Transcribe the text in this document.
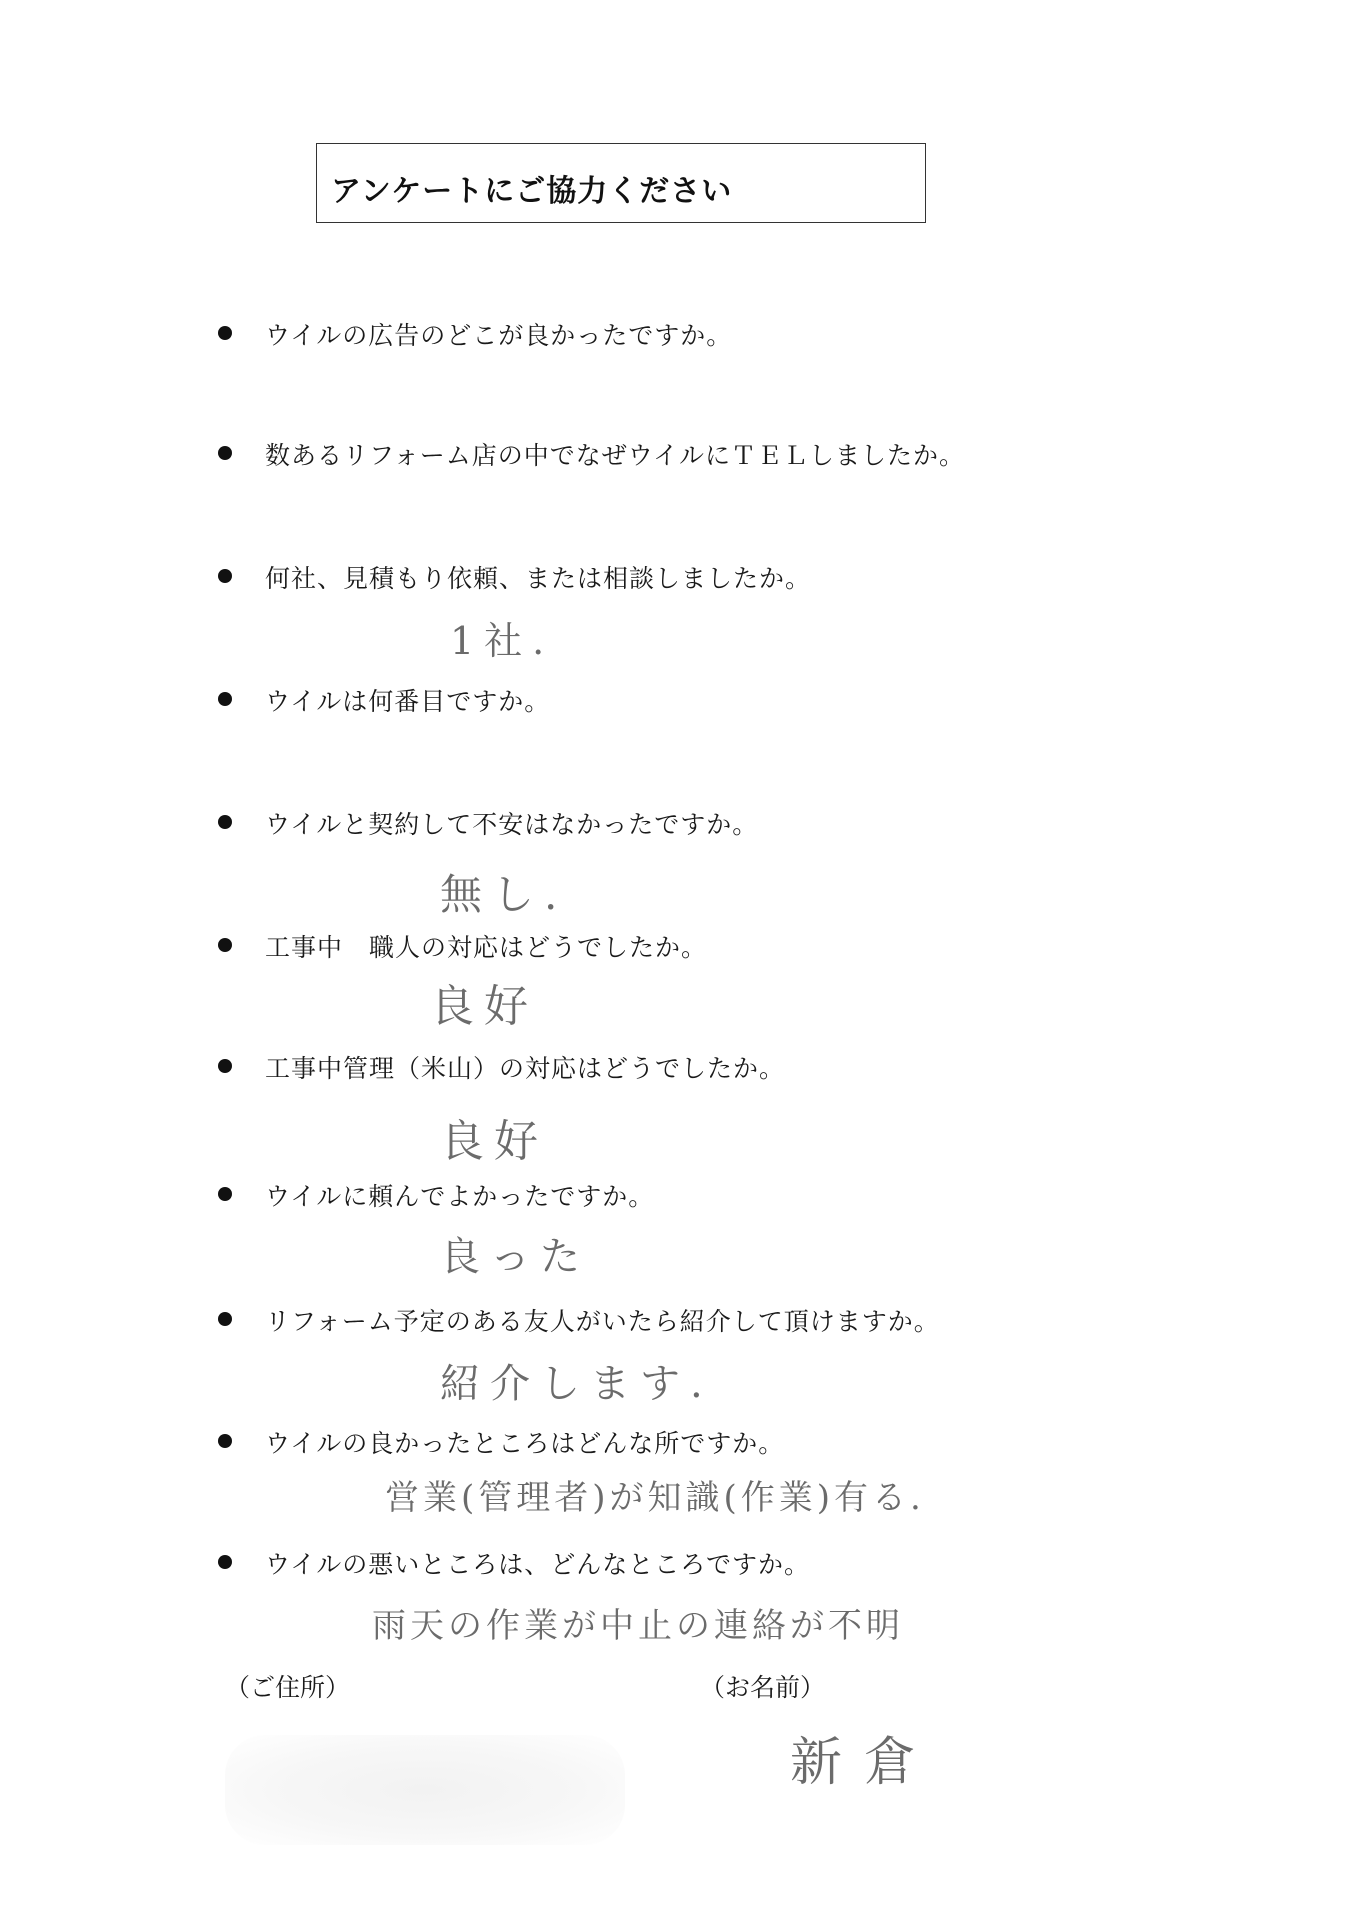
アンケートにご協力ください
ウイルの広告のどこが良かったですか。
数あるリフォーム店の中でなぜウイルにＴＥＬしましたか。
何社、見積もり依頼、または相談しましたか。
1社.
ウイルは何番目ですか。
ウイルと契約して不安はなかったですか。
無し.
工事中　職人の対応はどうでしたか。
良好
工事中管理（米山）の対応はどうでしたか。
良好
ウイルに頼んでよかったですか。
良った
リフォーム予定のある友人がいたら紹介して頂けますか。
紹介します.
ウイルの良かったところはどんな所ですか。
営業(管理者)が知識(作業)有る.
ウイルの悪いところは、どんなところですか。
雨天の作業が中止の連絡が不明
（ご住所）	（お名前）
新倉
